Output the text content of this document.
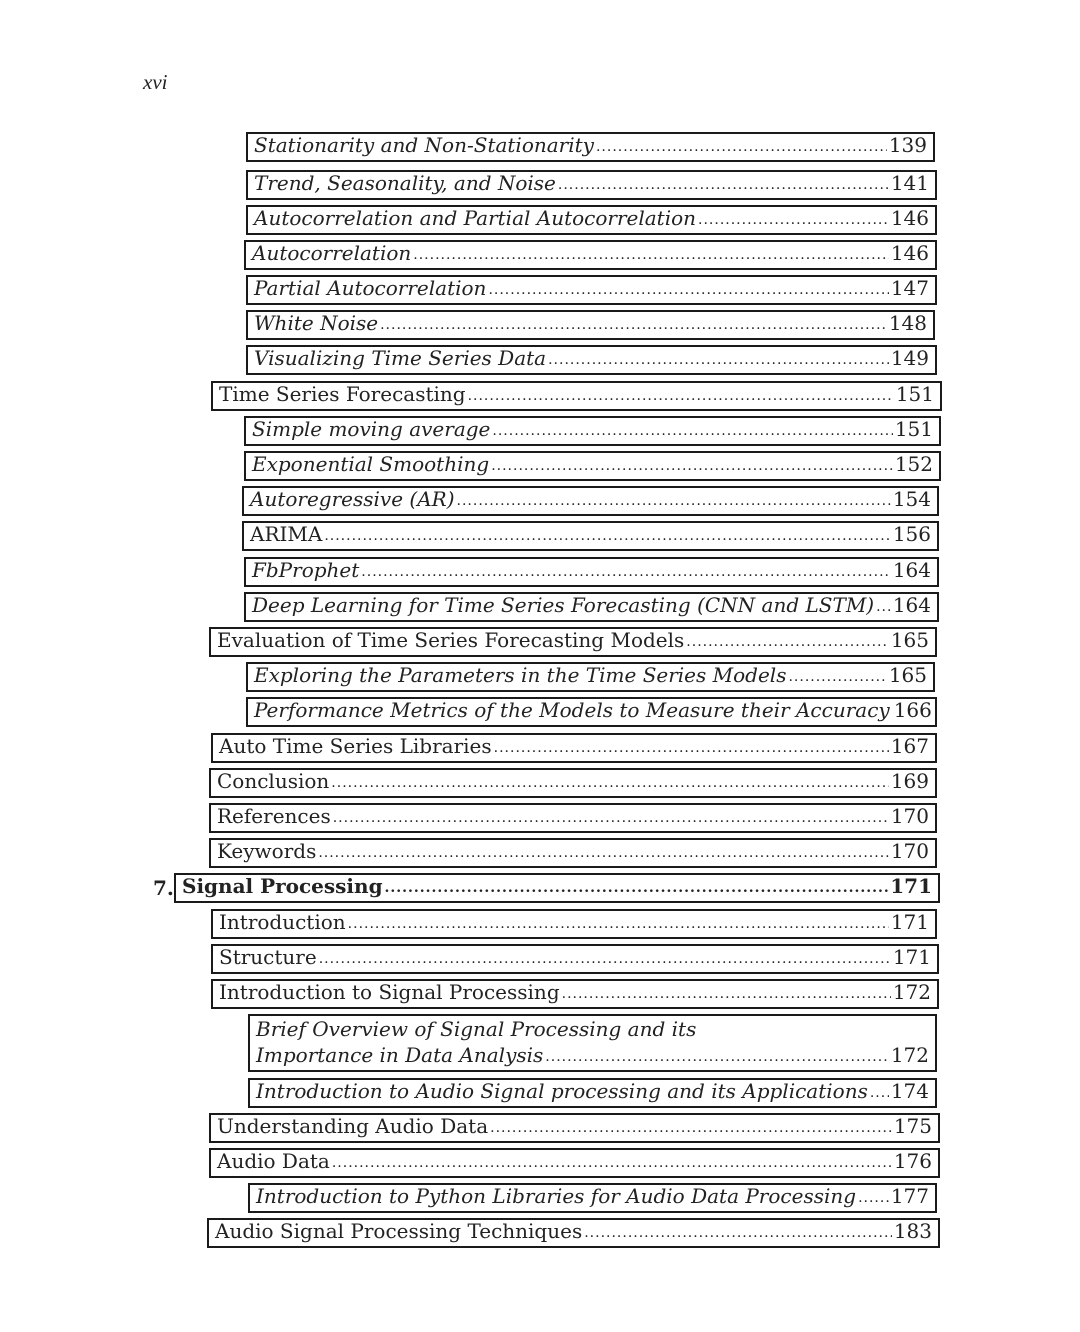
xvi
Stationarity and Non-Stationarity .....	139
Trend, Seasonality, and Noise .....	141
Autocorrelation and Partial Autocorrelation .....	146
Autocorrelation .....	146
Partial Autocorrelation .....	147
White Noise .....	148
Visualizing Time Series Data .....	149
Time Series Forecasting .....	151
Simple moving average .....	151
Exponential Smoothing .....	152
Autoregressive (AR) .....	154
ARIMA .....	156
FbProphet .....	164
Deep Learning for Time Series Forecasting (CNN and LSTM) ..... 164
Evaluation of Time Series Forecasting Models .....	165
Exploring the Parameters in the Time Series Models .....	165
Performance Metrics of the Models to Measure their Accuracy 166
Auto Time Series Libraries .....	167
Conclusion .....	169
References .....	170
Keywords .....	170
7. Signal Processing .....	171
Introduction .....	171
Structure .....	171
Introduction to Signal Processing .....	172
Brief Overview of Signal Processing and its
Importance in Data Analysis .....	172
Introduction to Audio Signal processing and its Applications ..... 174
Understanding Audio Data .....	175
Audio Data .....	176
Introduction to Python Libraries for Audio Data Processing ..... 177
Audio Signal Processing Techniques .....	183
